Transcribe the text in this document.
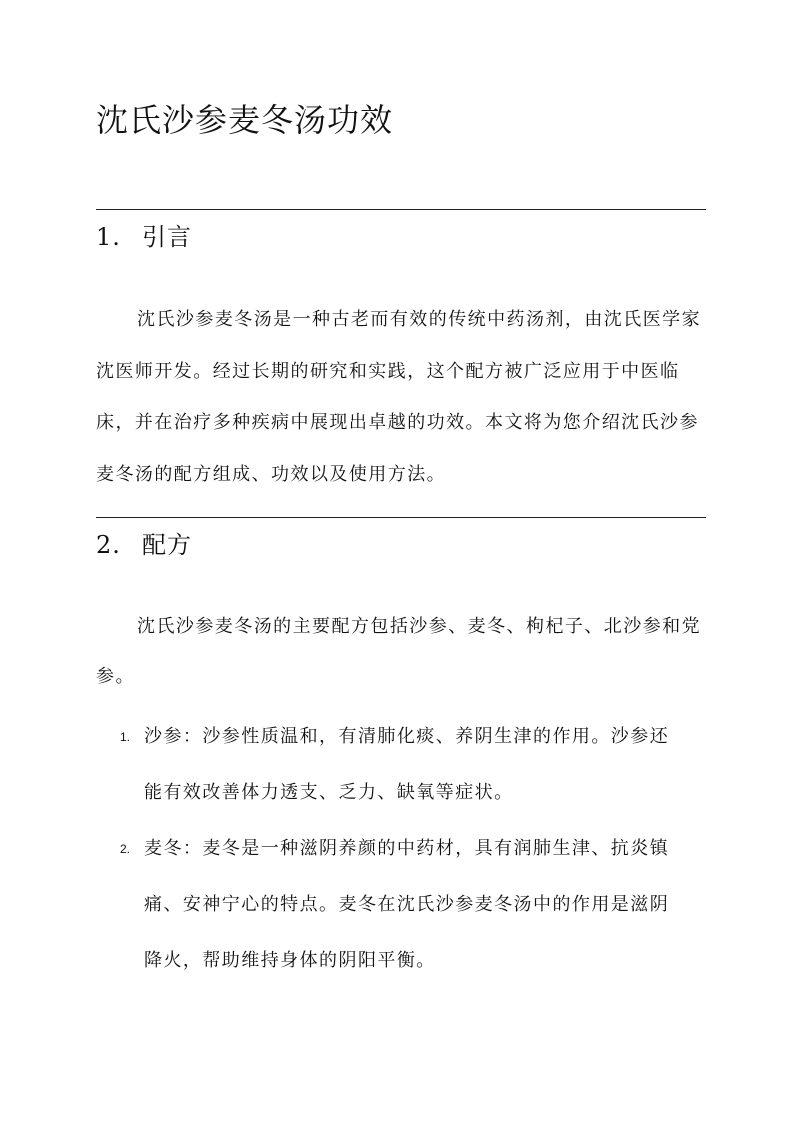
沈氏沙参麦冬汤功效
1. 引言

沈氏沙参麦冬汤是一种古老而有效的传统中药汤剂，由沈氏医学家沈医师开发。经过长期的研究和实践，这个配方被广泛应用于中医临床，并在治疗多种疾病中展现出卓越的功效。本文将为您介绍沈氏沙参麦冬汤的配方组成、功效以及使用方法。

2. 配方

沈氏沙参麦冬汤的主要配方包括沙参、麦冬、枸杞子、北沙参和党参。

1. 沙参：沙参性质温和，有清肺化痰、养阴生津的作用。沙参还能有效改善体力透支、乏力、缺氧等症状。

2. 麦冬：麦冬是一种滋阴养颜的中药材，具有润肺生津、抗炎镇痛、安神宁心的特点。麦冬在沈氏沙参麦冬汤中的作用是滋阴降火，帮助维持身体的阴阳平衡。
